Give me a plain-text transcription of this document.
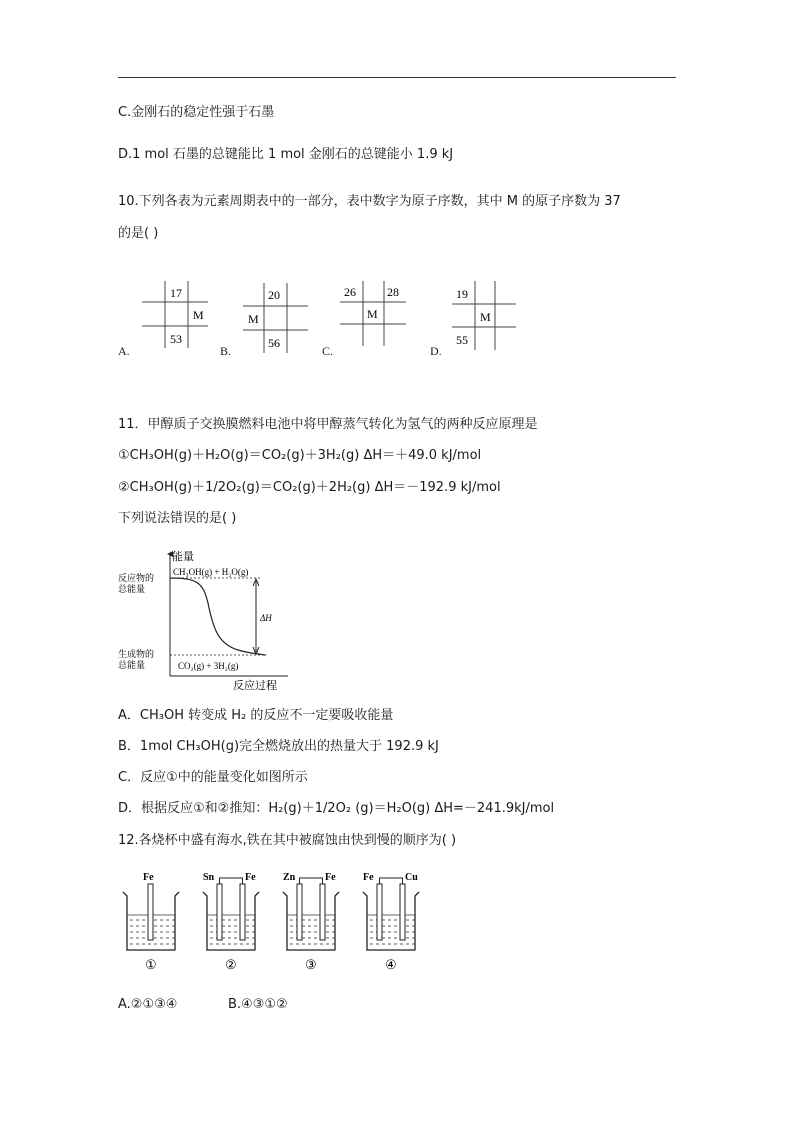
C.金刚石的稳定性强于石墨
D.1 mol 石墨的总键能比 1 mol 金刚石的总键能小 1.9 kJ
10.下列各表为元素周期表中的一部分，表中数字为原子序数，其中 M 的原子序数为 37
的是( )
17
M
53
20
M
56
26	28
M
19
M
55
A.	B.	C.	D.
11．甲醇质子交换膜燃料电池中将甲醇蒸气转化为氢气的两种反应原理是
①CH₃OH(g)＋H₂O(g)＝CO₂(g)＋3H₂(g) ΔH＝＋49.0 kJ/mol
②CH₃OH(g)＋1/2O₂(g)＝CO₂(g)＋2H₂(g) ΔH＝－192.9 kJ/mol
下列说法错误的是( )
能量
反应过程
CH₃OH(g) + H₂O(g)
CO₂(g) + 3H₂(g)
反应物的
总能量
生成物的
总能量
ΔH
A．CH₃OH 转变成 H₂ 的反应不一定要吸收能量
B．1mol CH₃OH(g)完全燃烧放出的热量大于 192.9 kJ
C．反应①中的能量变化如图所示
D．根据反应①和②推知：H₂(g)＋1/2O₂ (g)＝H₂O(g) ΔH=－241.9kJ/mol
12.各烧杯中盛有海水,铁在其中被腐蚀由快到慢的顺序为( )
Fe
①
Sn	Fe
②
Zn	Fe
③
Fe	Cu
④
A.②①③④	B.④③①②
